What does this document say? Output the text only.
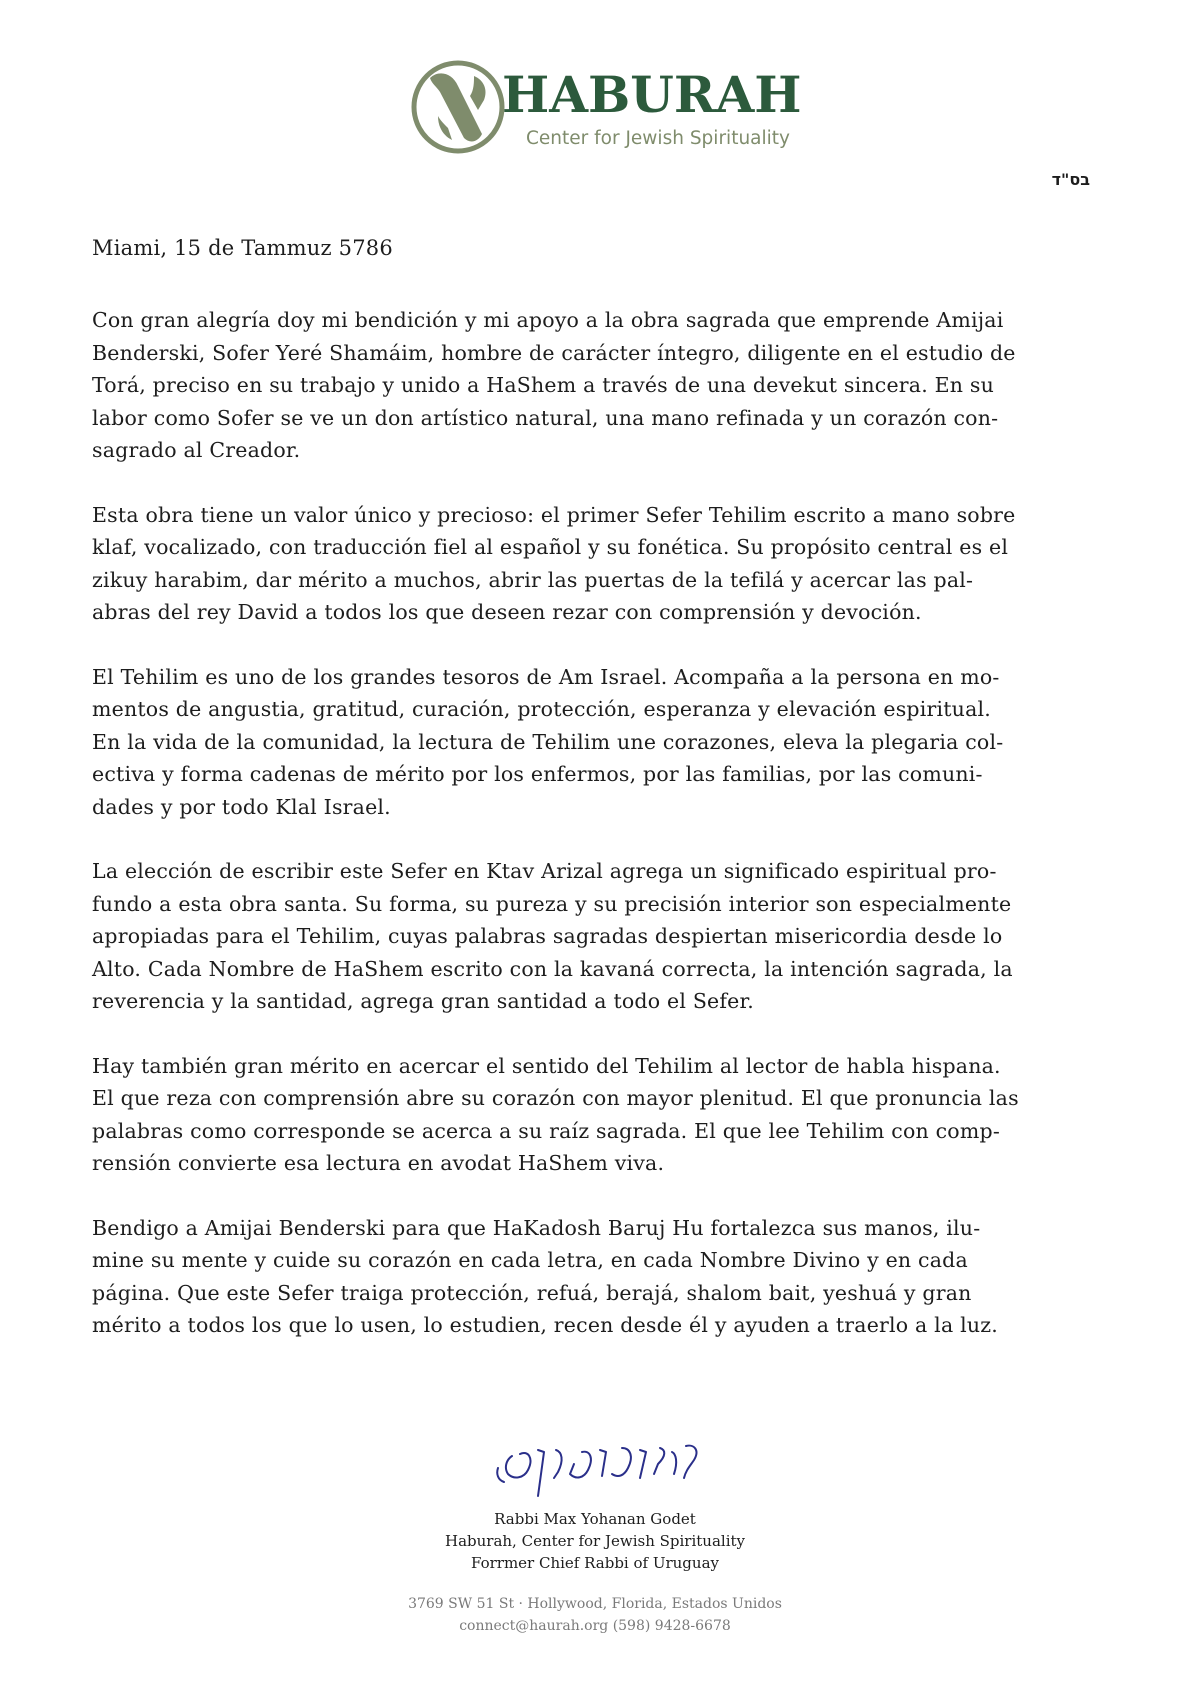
HABURAH
Center for Jewish Spirituality
בס"ד
Miami, 15 de Tammuz 5786

Con gran alegría doy mi bendición y mi apoyo a la obra sagrada que emprende Amijai
Benderski, Sofer Yeré Shamáim, hombre de carácter íntegro, diligente en el estudio de
Torá, preciso en su trabajo y unido a HaShem a través de una devekut sincera. En su
labor como Sofer se ve un don artístico natural, una mano refinada y un corazón con-
sagrado al Creador.

Esta obra tiene un valor único y precioso: el primer Sefer Tehilim escrito a mano sobre
klaf, vocalizado, con traducción fiel al español y su fonética. Su propósito central es el
zikuy harabim, dar mérito a muchos, abrir las puertas de la tefilá y acercar las pal-
abras del rey David a todos los que deseen rezar con comprensión y devoción.

El Tehilim es uno de los grandes tesoros de Am Israel. Acompaña a la persona en mo-
mentos de angustia, gratitud, curación, protección, esperanza y elevación espiritual.
En la vida de la comunidad, la lectura de Tehilim une corazones, eleva la plegaria col-
ectiva y forma cadenas de mérito por los enfermos, por las familias, por las comuni-
dades y por todo Klal Israel.

La elección de escribir este Sefer en Ktav Arizal agrega un significado espiritual pro-
fundo a esta obra santa. Su forma, su pureza y su precisión interior son especialmente
apropiadas para el Tehilim, cuyas palabras sagradas despiertan misericordia desde lo
Alto. Cada Nombre de HaShem escrito con la kavaná correcta, la intención sagrada, la
reverencia y la santidad, agrega gran santidad a todo el Sefer.

Hay también gran mérito en acercar el sentido del Tehilim al lector de habla hispana.
El que reza con comprensión abre su corazón con mayor plenitud. El que pronuncia las
palabras como corresponde se acerca a su raíz sagrada. El que lee Tehilim con comp-
rensión convierte esa lectura en avodat HaShem viva.

Bendigo a Amijai Benderski para que HaKadosh Baruj Hu fortalezca sus manos, ilu-
mine su mente y cuide su corazón en cada letra, en cada Nombre Divino y en cada
página. Que este Sefer traiga protección, refuá, berajá, shalom bait, yeshuá y gran
mérito a todos los que lo usen, lo estudien, recen desde él y ayuden a traerlo a la luz.

Rabbi Max Yohanan Godet
Haburah, Center for Jewish Spirituality
Forrmer Chief Rabbi of Uruguay
3769 SW 51 St · Hollywood, Florida, Estados Unidos
connect@haurah.org (598) 9428-6678
